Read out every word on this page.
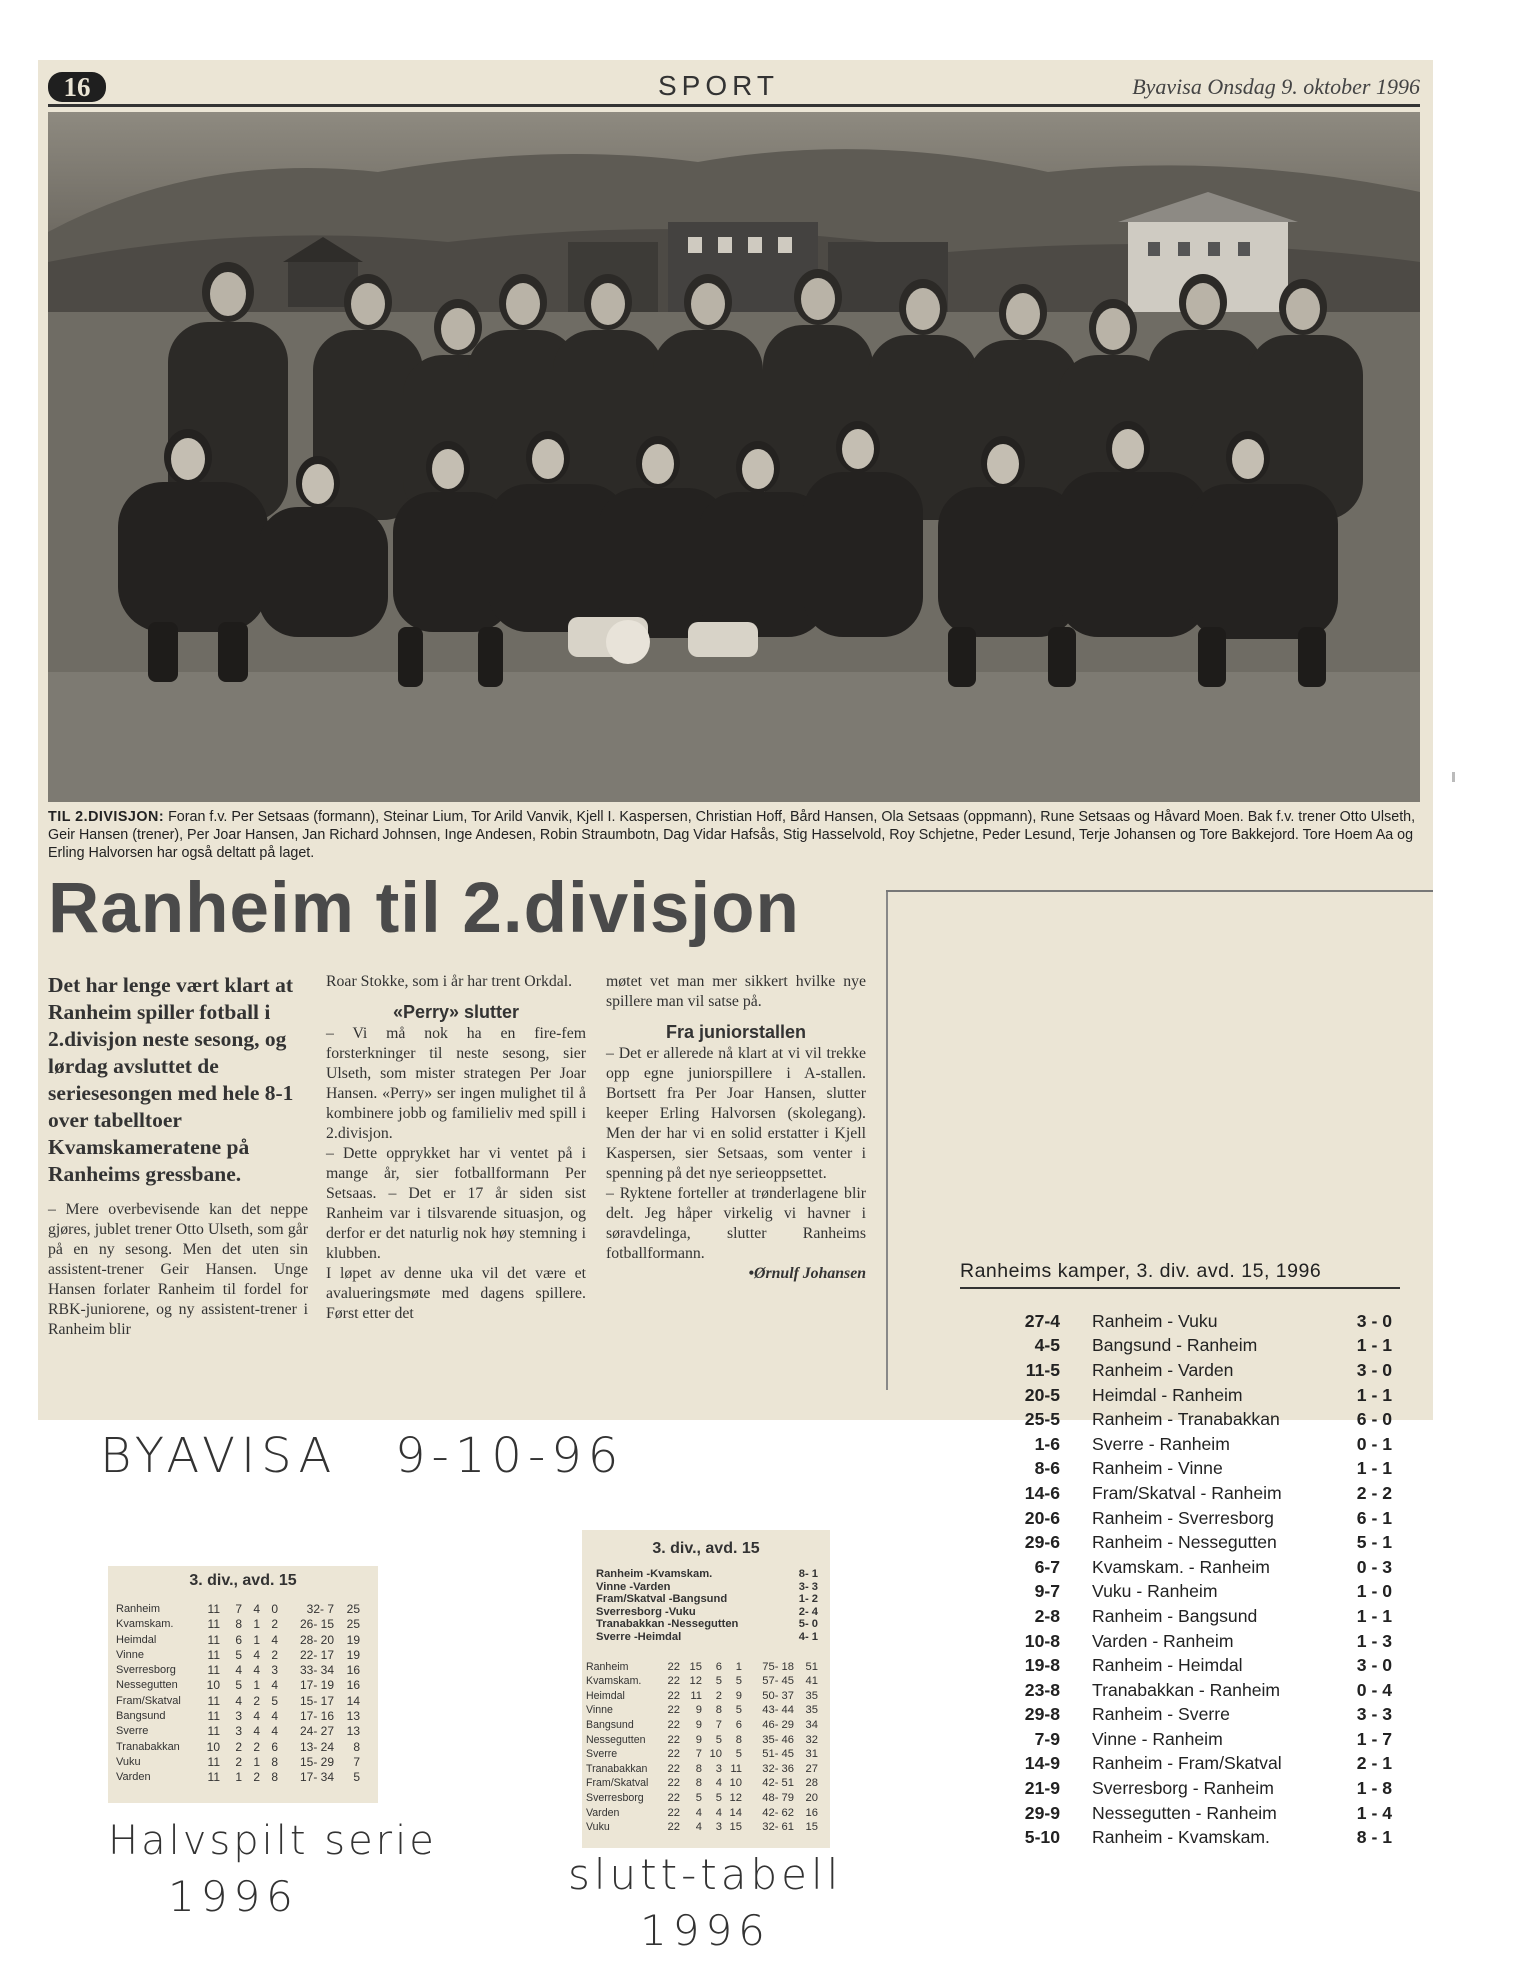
16	SPORT	Byavisa Onsdag 9. oktober 1996
TIL 2.DIVISJON: Foran f.v. Per Setsaas (formann), Steinar Lium, Tor Arild Vanvik, Kjell I. Kaspersen, Christian Hoff, Bård Hansen, Ola Setsaas (oppmann), Rune Setsaas og Håvard Moen. Bak f.v. trener Otto Ulseth, Geir Hansen (trener), Per Joar Hansen, Jan Richard Johnsen, Inge Andesen, Robin Straumbotn, Dag Vidar Hafsås, Stig Hasselvold, Roy Schjetne, Peder Lesund, Terje Johansen og Tore Bakkejord. Tore Hoem Aa og Erling Halvorsen har også deltatt på laget.
Ranheim til 2.divisjon

Det har lenge vært klart at Ranheim spiller fotball i 2.divisjon neste sesong, og lørdag avsluttet de seriesesongen med hele 8-1 over tabelltoer Kvamskameratene på Ranheims gressbane.

– Mere overbevisende kan det neppe gjøres, jublet trener Otto Ulseth, som går på en ny sesong. Men det uten sin assistent-trener Geir Hansen. Unge Hansen forlater Ranheim til fordel for RBK-juniorene, og ny assistent-trener i Ranheim blir

Roar Stokke, som i år har trent Orkdal.

«Perry» slutter

– Vi må nok ha en fire-fem forsterkninger til neste sesong, sier Ulseth, som mister strategen Per Joar Hansen. «Perry» ser ingen mulighet til å kombinere jobb og familieliv med spill i 2.divisjon.
– Dette opprykket har vi ventet på i mange år, sier fotballformann Per Setsaas. – Det er 17 år siden sist Ranheim var i tilsvarende situasjon, og derfor er det naturlig nok høy stemning i klubben.
I løpet av denne uka vil det være et avalueringsmøte med dagens spillere. Først etter det

møtet vet man mer sikkert hvilke nye spillere man vil satse på.

Fra juniorstallen

– Det er allerede nå klart at vi vil trekke opp egne juniorspillere i A-stallen. Bortsett fra Per Joar Hansen, slutter keeper Erling Halvorsen (skolegang). Men der har vi en solid erstatter i Kjell Kaspersen, sier Setsaas, som venter i spenning på det nye serieoppsettet.
– Ryktene forteller at trønderlagene blir delt. Jeg håper virkelig vi havner i søravdelinga, slutter Ranheims fotballformann.

•Ørnulf Johansen

BYAVISA 9-10-96
Halvspilt serie
1996	slutt-tabell
1996
3. div., avd. 15
Ranheim	11	7	4	0	32- 7	25
Kvamskam.	11	8	1	2	26- 15	25
Heimdal	11	6	1	4	28- 20	19
Vinne	11	5	4	2	22- 17	19
Sverresborg	11	4	4	3	33- 34	16
Nessegutten	10	5	1	4	17- 19	16
Fram/Skatval	11	4	2	5	15- 17	14
Bangsund	11	3	4	4	17- 16	13
Sverre	11	3	4	4	24- 27	13
Tranabakkan	10	2	2	6	13- 24	8
Vuku	11	2	1	8	15- 29	7
Varden	11	1	2	8	17- 34	5
3. div., avd. 15
Ranheim -Kvamskam.	8- 1
Vinne -Varden	3- 3
Fram/Skatval -Bangsund	1- 2
Sverresborg -Vuku	2- 4
Tranabakkan -Nessegutten	5- 0
Sverre -Heimdal	4- 1
Ranheim	22	15	6	1	75- 18	51
Kvamskam.	22	12	5	5	57- 45	41
Heimdal	22	11	2	9	50- 37	35
Vinne	22	9	8	5	43- 44	35
Bangsund	22	9	7	6	46- 29	34
Nessegutten	22	9	5	8	35- 46	32
Sverre	22	7	10	5	51- 45	31
Tranabakkan	22	8	3	11	32- 36	27
Fram/Skatval	22	8	4	10	42- 51	28
Sverresborg	22	5	5	12	48- 79	20
Varden	22	4	4	14	42- 62	16
Vuku	22	4	3	15	32- 61	15
Ranheims kamper, 3. div. avd. 15, 1996
27-4	Ranheim - Vuku	3 - 0
4-5	Bangsund - Ranheim	1 - 1
11-5	Ranheim - Varden	3 - 0
20-5	Heimdal - Ranheim	1 - 1
25-5	Ranheim - Tranabakkan	6 - 0
1-6	Sverre - Ranheim	0 - 1
8-6	Ranheim - Vinne	1 - 1
14-6	Fram/Skatval - Ranheim	2 - 2
20-6	Ranheim - Sverresborg	6 - 1
29-6	Ranheim - Nessegutten	5 - 1
6-7	Kvamskam. - Ranheim	0 - 3
9-7	Vuku - Ranheim	1 - 0
2-8	Ranheim - Bangsund	1 - 1
10-8	Varden - Ranheim	1 - 3
19-8	Ranheim - Heimdal	3 - 0
23-8	Tranabakkan - Ranheim	0 - 4
29-8	Ranheim - Sverre	3 - 3
7-9	Vinne - Ranheim	1 - 7
14-9	Ranheim - Fram/Skatval	2 - 1
21-9	Sverresborg - Ranheim	1 - 8
29-9	Nessegutten - Ranheim	1 - 4
5-10	Ranheim - Kvamskam.	8 - 1
